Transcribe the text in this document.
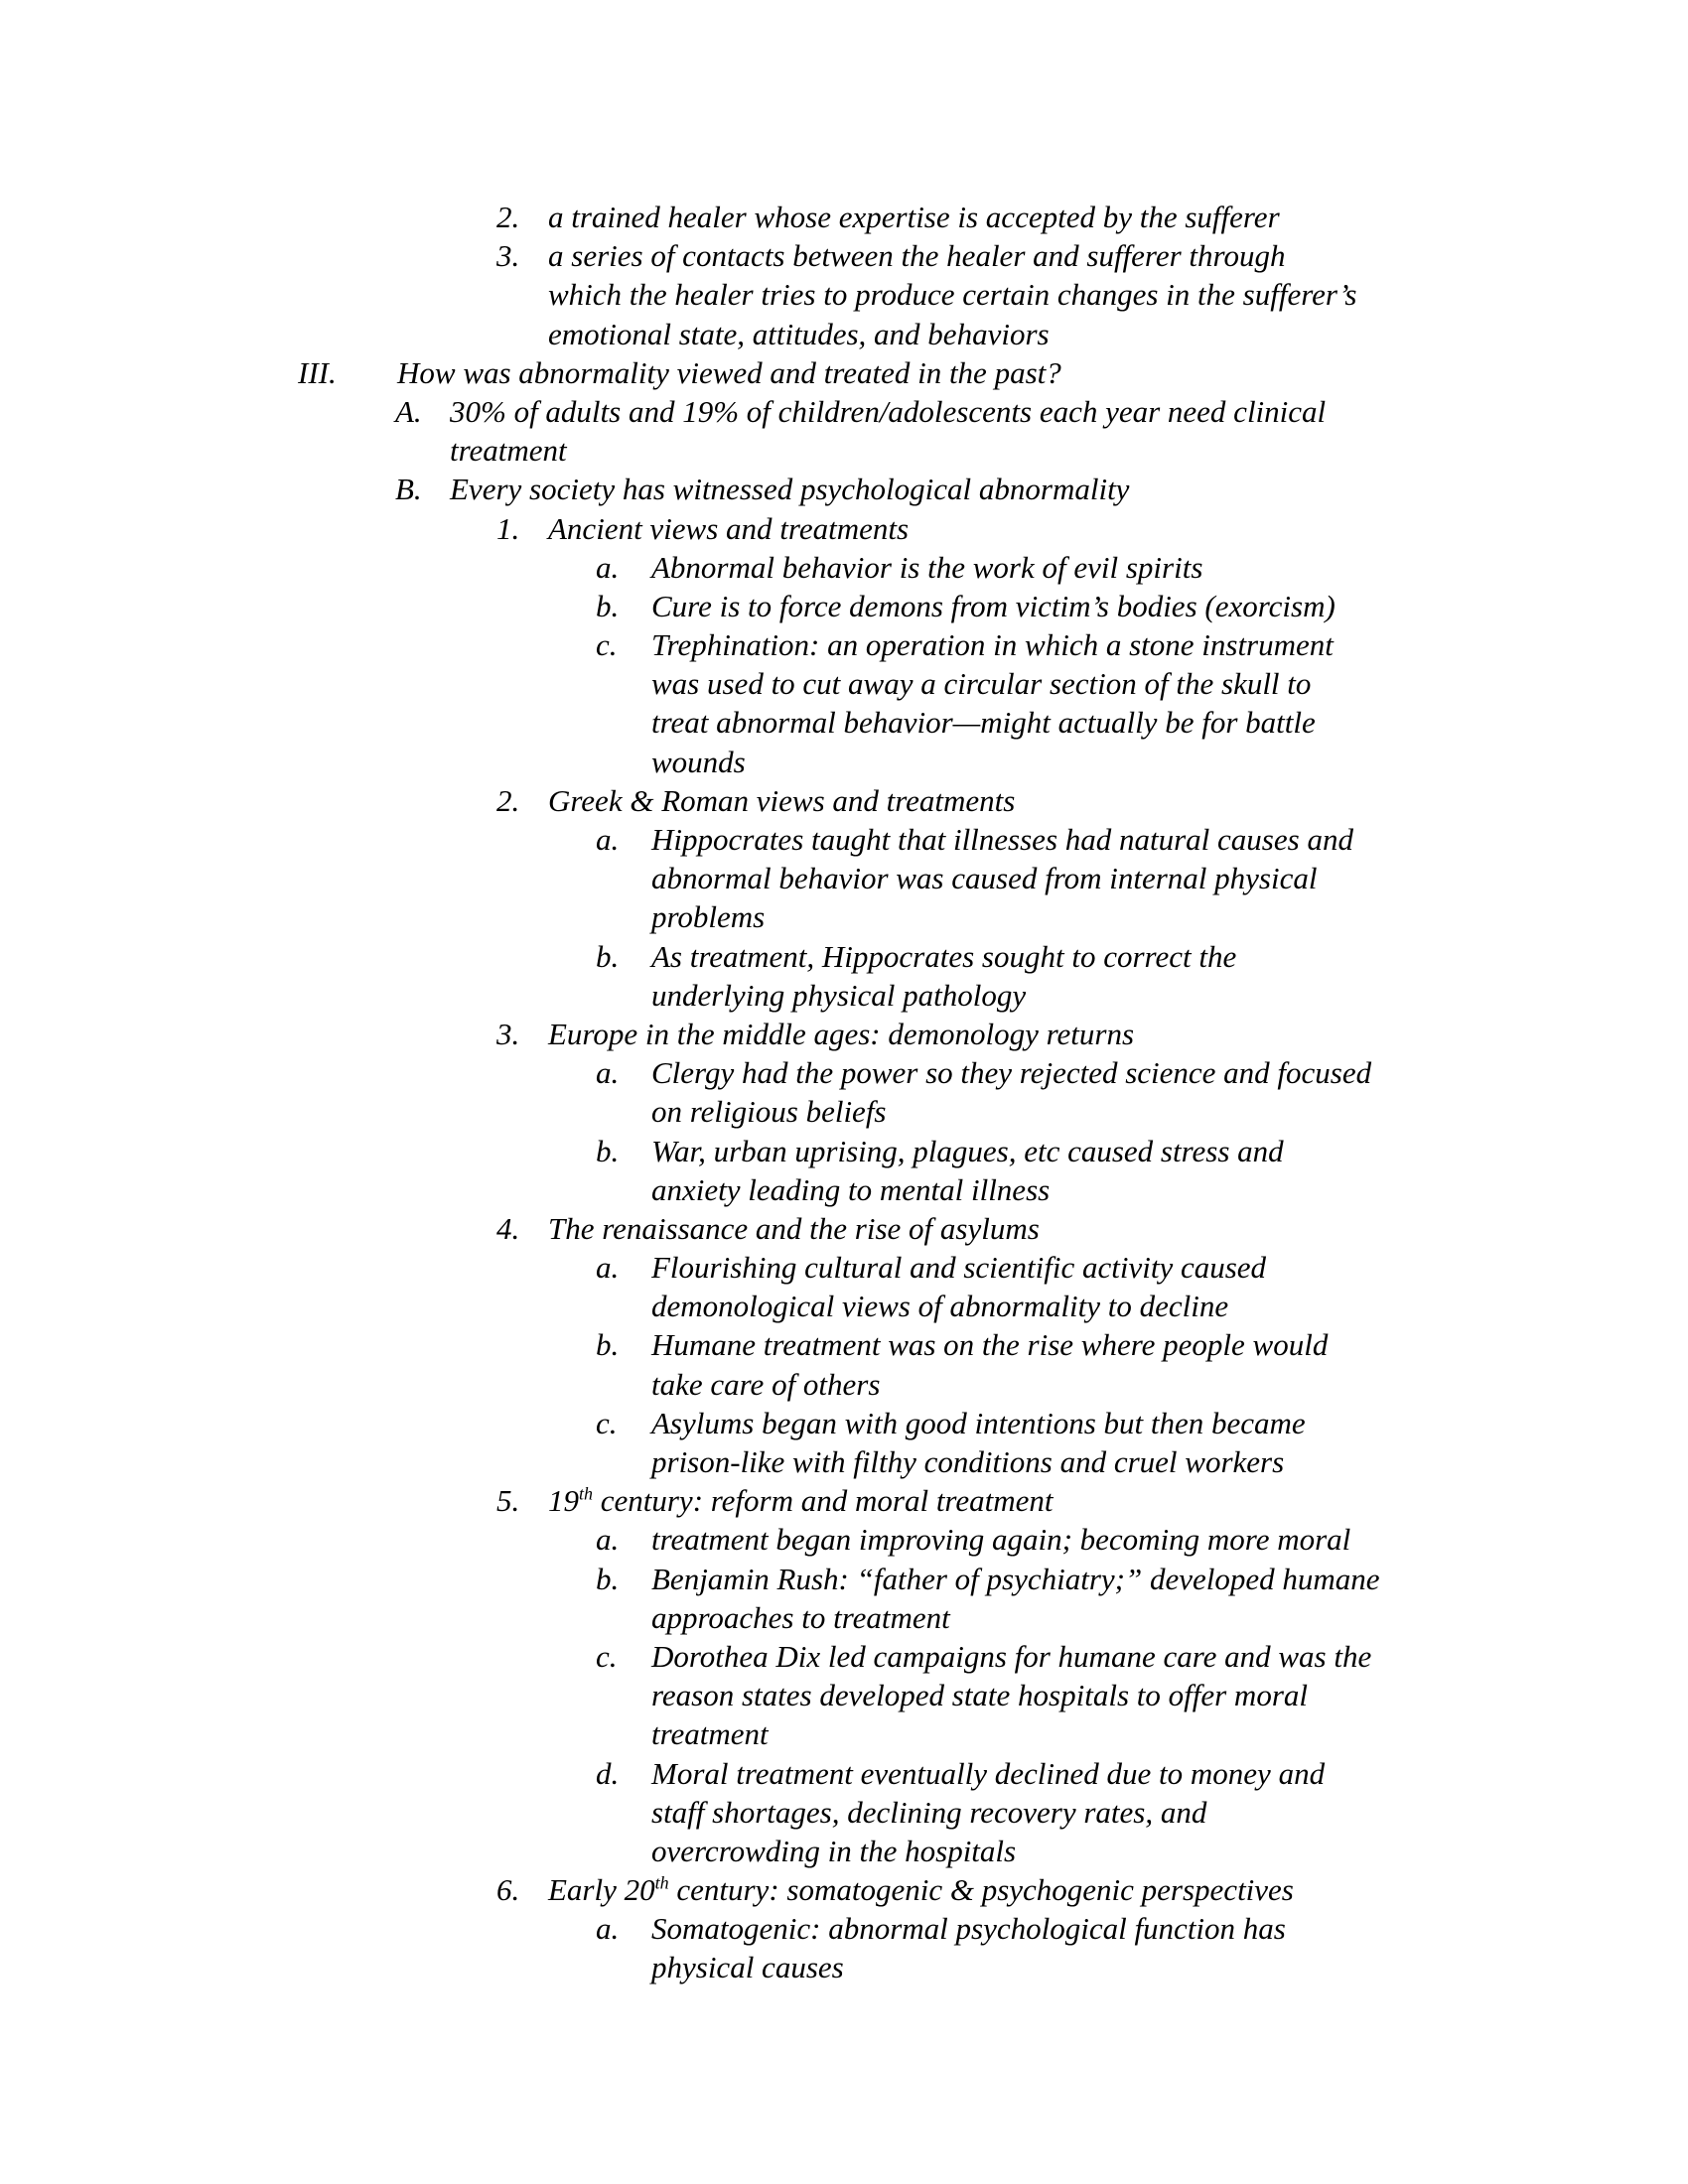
2. a trained healer whose expertise is accepted by the sufferer
3. a series of contacts between the healer and sufferer through
which the healer tries to produce certain changes in the sufferer’s
emotional state, attitudes, and behaviors
III. How was abnormality viewed and treated in the past?
A. 30% of adults and 19% of children/adolescents each year need clinical
treatment
B. Every society has witnessed psychological abnormality
1. Ancient views and treatments
a. Abnormal behavior is the work of evil spirits
b. Cure is to force demons from victim’s bodies (exorcism)
c. Trephination: an operation in which a stone instrument
was used to cut away a circular section of the skull to
treat abnormal behavior—might actually be for battle
wounds
2. Greek & Roman views and treatments
a. Hippocrates taught that illnesses had natural causes and
abnormal behavior was caused from internal physical
problems
b. As treatment, Hippocrates sought to correct the
underlying physical pathology
3. Europe in the middle ages: demonology returns
a. Clergy had the power so they rejected science and focused
on religious beliefs
b. War, urban uprising, plagues, etc caused stress and
anxiety leading to mental illness
4. The renaissance and the rise of asylums
a. Flourishing cultural and scientific activity caused
demonological views of abnormality to decline
b. Humane treatment was on the rise where people would
take care of others
c. Asylums began with good intentions but then became
prison-like with filthy conditions and cruel workers
5. 19th century: reform and moral treatment
a. treatment began improving again; becoming more moral
b. Benjamin Rush: “father of psychiatry;” developed humane
approaches to treatment
c. Dorothea Dix led campaigns for humane care and was the
reason states developed state hospitals to offer moral
treatment
d. Moral treatment eventually declined due to money and
staff shortages, declining recovery rates, and
overcrowding in the hospitals
6. Early 20th century: somatogenic & psychogenic perspectives
a. Somatogenic: abnormal psychological function has
physical causes
